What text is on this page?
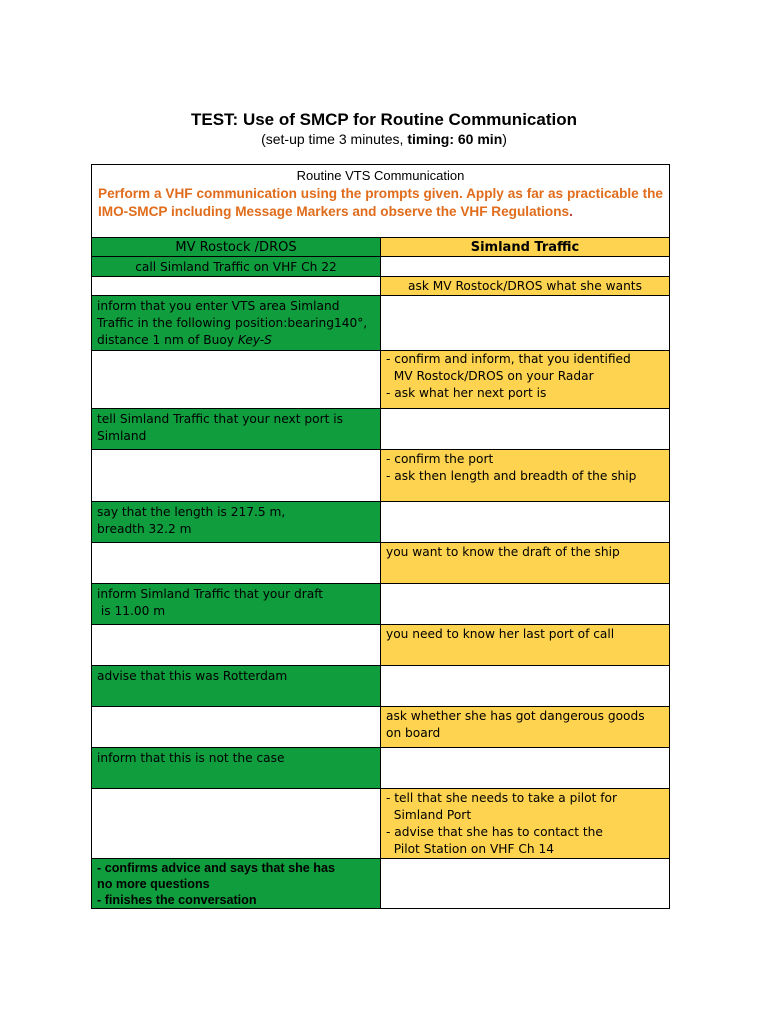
TEST: Use of SMCP for Routine Communication
(set-up time 3 minutes, timing: 60 min)
Routine VTS Communication
Perform a VHF communication using the prompts given. Apply as far as practicable the IMO-SMCP including Message Markers and observe the VHF Regulations.
MV Rostock /DROS	Simland Traffic
call Simland Traffic on VHF Ch 22
ask MV Rostock/DROS what she wants
inform that you enter VTS area Simland
Traffic in the following position:bearing140°,
distance 1 nm of Buoy Key-S
- confirm and inform, that you identified
MV Rostock/DROS on your Radar
- ask what her next port is
tell Simland Traffic that your next port is
Simland
- confirm the port
- ask then length and breadth of the ship
say that the length is 217.5 m,
breadth 32.2 m
you want to know the draft of the ship
inform Simland Traffic that your draft
is 11.00 m
you need to know her last port of call
advise that this was Rotterdam
ask whether she has got dangerous goods
on board
inform that this is not the case
- tell that she needs to take a pilot for
Simland Port
- advise that she has to contact the
Pilot Station on VHF Ch 14
- confirms advice and says that she has
no more questions
- finishes the conversation
